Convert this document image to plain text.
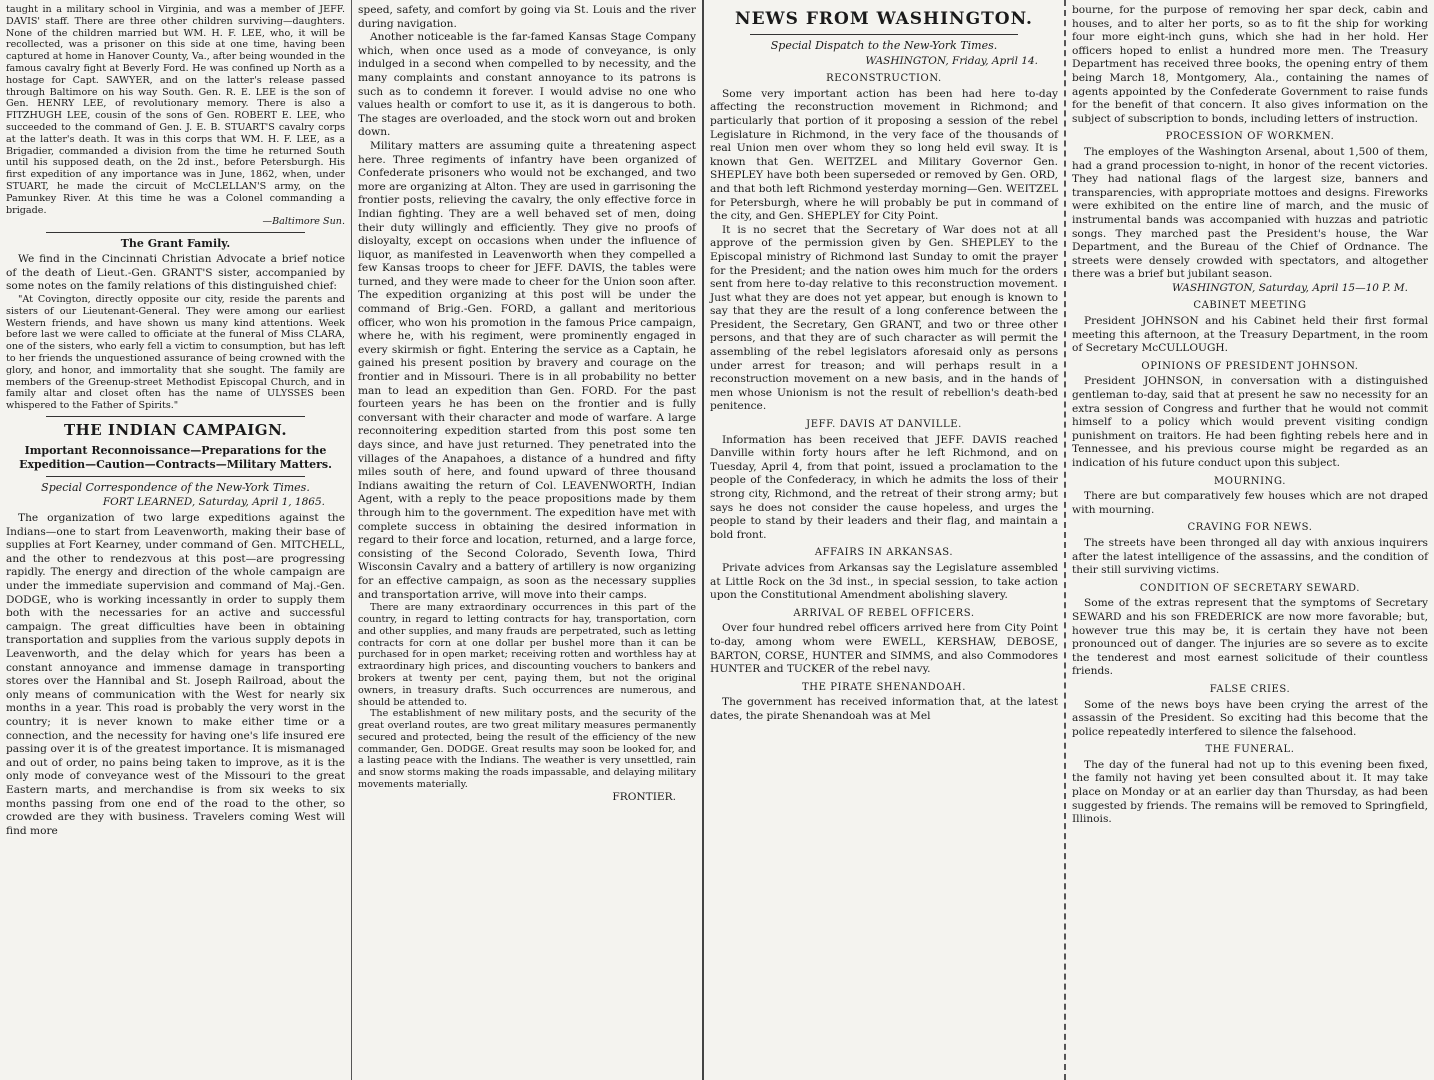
taught in a military school in Virginia, and was a member of JEFF. DAVIS' staff. There are three other children surviving—daughters. None of the children married but WM. H. F. LEE, who, it will be recollected, was a prisoner on this side at one time, having been captured at home in Hanover County, Va., after being wounded in the famous cavalry fight at Beverly Ford. He was confined up North as a hostage for Capt. SAWYER, and on the latter's release passed through Baltimore on his way South. Gen. R. E. LEE is the son of Gen. HENRY LEE, of revolutionary memory. There is also a FITZHUGH LEE, cousin of the sons of Gen. ROBERT E. LEE, who succeeded to the command of Gen. J. E. B. STUART'S cavalry corps at the latter's death. It was in this corps that WM. H. F. LEE, as a Brigadier, commanded a division from the time he returned South until his supposed death, on the 2d inst., before Petersburgh. His first expedition of any importance was in June, 1862, when, under STUART, he made the circuit of McCLELLAN'S army, on the Pamunkey River. At this time he was a Colonel commanding a brigade.

—Baltimore Sun.
The Grant Family.

We find in the Cincinnati Christian Advocate a brief notice of the death of Lieut.-Gen. GRANT'S sister, accompanied by some notes on the family relations of this distinguished chief:

"At Covington, directly opposite our city, reside the parents and sisters of our Lieutenant-General. They were among our earliest Western friends, and have shown us many kind attentions. Week before last we were called to officiate at the funeral of Miss CLARA, one of the sisters, who early fell a victim to consumption, but has left to her friends the unquestioned assurance of being crowned with the glory, and honor, and immortality that she sought. The family are members of the Greenup-street Methodist Episcopal Church, and in family altar and closet often has the name of ULYSSES been whispered to the Father of Spirits."

THE INDIAN CAMPAIGN.
Important Reconnoissance—Preparations for the Expedition—Caution—Contracts—Military Matters.
Special Correspondence of the New-York Times.
FORT LEARNED, Saturday, April 1, 1865.

The organization of two large expeditions against the Indians—one to start from Leavenworth, making their base of supplies at Fort Kearney, under command of Gen. MITCHELL, and the other to rendezvous at this post—are progressing rapidly. The energy and direction of the whole campaign are under the immediate supervision and command of Maj.-Gen. DODGE, who is working incessantly in order to supply them both with the necessaries for an active and successful campaign. The great difficulties have been in obtaining transportation and supplies from the various supply depots in Leavenworth, and the delay which for years has been a constant annoyance and immense damage in transporting stores over the Hannibal and St. Joseph Railroad, about the only means of communication with the West for nearly six months in a year. This road is probably the very worst in the country; it is never known to make either time or a connection, and the necessity for having one's life insured ere passing over it is of the greatest importance. It is mismanaged and out of order, no pains being taken to improve, as it is the only mode of conveyance west of the Missouri to the great Eastern marts, and merchandise is from six weeks to six months passing from one end of the road to the other, so crowded are they with business. Travelers coming West will find more

speed, safety, and comfort by going via St. Louis and the river during navigation.

Another noticeable is the far-famed Kansas Stage Company which, when once used as a mode of conveyance, is only indulged in a second when compelled to by necessity, and the many complaints and constant annoyance to its patrons is such as to condemn it forever. I would advise no one who values health or comfort to use it, as it is dangerous to both. The stages are overloaded, and the stock worn out and broken down.

Military matters are assuming quite a threatening aspect here. Three regiments of infantry have been organized of Confederate prisoners who would not be exchanged, and two more are organizing at Alton. They are used in garrisoning the frontier posts, relieving the cavalry, the only effective force in Indian fighting. They are a well behaved set of men, doing their duty willingly and efficiently. They give no proofs of disloyalty, except on occasions when under the influence of liquor, as manifested in Leavenworth when they compelled a few Kansas troops to cheer for JEFF. DAVIS, the tables were turned, and they were made to cheer for the Union soon after. The expedition organizing at this post will be under the command of Brig.-Gen. FORD, a gallant and meritorious officer, who won his promotion in the famous Price campaign, where he, with his regiment, were prominently engaged in every skirmish or fight. Entering the service as a Captain, he gained his present position by bravery and courage on the frontier and in Missouri. There is in all probability no better man to lead an expedition than Gen. FORD. For the past fourteen years he has been on the frontier and is fully conversant with their character and mode of warfare. A large reconnoitering expedition started from this post some ten days since, and have just returned. They penetrated into the villages of the Anapahoes, a distance of a hundred and fifty miles south of here, and found upward of three thousand Indians awaiting the return of Col. LEAVENWORTH, Indian Agent, with a reply to the peace propositions made by them through him to the government. The expedition have met with complete success in obtaining the desired information in regard to their force and location, returned, and a large force, consisting of the Second Colorado, Seventh Iowa, Third Wisconsin Cavalry and a battery of artillery is now organizing for an effective campaign, as soon as the necessary supplies and transportation arrive, will move into their camps.

There are many extraordinary occurrences in this part of the country, in regard to letting contracts for hay, transportation, corn and other supplies, and many frauds are perpetrated, such as letting contracts for corn at one dollar per bushel more than it can be purchased for in open market; receiving rotten and worthless hay at extraordinary high prices, and discounting vouchers to bankers and brokers at twenty per cent, paying them, but not the original owners, in treasury drafts. Such occurrences are numerous, and should be attended to.

The establishment of new military posts, and the security of the great overland routes, are two great military measures permanently secured and protected, being the result of the efficiency of the new commander, Gen. DODGE. Great results may soon be looked for, and a lasting peace with the Indians. The weather is very unsettled, rain and snow storms making the roads impassable, and delaying military movements materially.

FRONTIER.
NEWS FROM WASHINGTON.
Special Dispatch to the New-York Times.
WASHINGTON, Friday, April 14.
RECONSTRUCTION.

Some very important action has been had here to-day affecting the reconstruction movement in Richmond; and particularly that portion of it proposing a session of the rebel Legislature in Richmond, in the very face of the thousands of real Union men over whom they so long held evil sway. It is known that Gen. WEITZEL and Military Governor Gen. SHEPLEY have both been superseded or removed by Gen. ORD, and that both left Richmond yesterday morning—Gen. WEITZEL for Petersburgh, where he will probably be put in command of the city, and Gen. SHEPLEY for City Point.

It is no secret that the Secretary of War does not at all approve of the permission given by Gen. SHEPLEY to the Episcopal ministry of Richmond last Sunday to omit the prayer for the President; and the nation owes him much for the orders sent from here to-day relative to this reconstruction movement. Just what they are does not yet appear, but enough is known to say that they are the result of a long conference between the President, the Secretary, Gen GRANT, and two or three other persons, and that they are of such character as will permit the assembling of the rebel legislators aforesaid only as persons under arrest for treason; and will perhaps result in a reconstruction movement on a new basis, and in the hands of men whose Unionism is not the result of rebellion's death-bed penitence.

JEFF. DAVIS AT DANVILLE.

Information has been received that JEFF. DAVIS reached Danville within forty hours after he left Richmond, and on Tuesday, April 4, from that point, issued a proclamation to the people of the Confederacy, in which he admits the loss of their strong city, Richmond, and the retreat of their strong army; but says he does not consider the cause hopeless, and urges the people to stand by their leaders and their flag, and maintain a bold front.

AFFAIRS IN ARKANSAS.

Private advices from Arkansas say the Legislature assembled at Little Rock on the 3d inst., in special session, to take action upon the Constitutional Amendment abolishing slavery.

ARRIVAL OF REBEL OFFICERS.

Over four hundred rebel officers arrived here from City Point to-day, among whom were EWELL, KERSHAW, DEBOSE, BARTON, CORSE, HUNTER and SIMMS, and also Commodores HUNTER and TUCKER of the rebel navy.

THE PIRATE SHENANDOAH.

The government has received information that, at the latest dates, the pirate Shenandoah was at Mel

bourne, for the purpose of removing her spar deck, cabin and houses, and to alter her ports, so as to fit the ship for working four more eight-inch guns, which she had in her hold. Her officers hoped to enlist a hundred more men. The Treasury Department has received three books, the opening entry of them being March 18, Montgomery, Ala., containing the names of agents appointed by the Confederate Government to raise funds for the benefit of that concern. It also gives information on the subject of subscription to bonds, including letters of instruction.

PROCESSION OF WORKMEN.

The employes of the Washington Arsenal, about 1,500 of them, had a grand procession to-night, in honor of the recent victories. They had national flags of the largest size, banners and transparencies, with appropriate mottoes and designs. Fireworks were exhibited on the entire line of march, and the music of instrumental bands was accompanied with huzzas and patriotic songs. They marched past the President's house, the War Department, and the Bureau of the Chief of Ordnance. The streets were densely crowded with spectators, and altogether there was a brief but jubilant season.

WASHINGTON, Saturday, April 15—10 P. M.
CABINET MEETING

President JOHNSON and his Cabinet held their first formal meeting this afternoon, at the Treasury Department, in the room of Secretary McCULLOUGH.

OPINIONS OF PRESIDENT JOHNSON.

President JOHNSON, in conversation with a distinguished gentleman to-day, said that at present he saw no necessity for an extra session of Congress and further that he would not commit himself to a policy which would prevent visiting condign punishment on traitors. He had been fighting rebels here and in Tennessee, and his previous course might be regarded as an indication of his future conduct upon this subject.

MOURNING.

There are but comparatively few houses which are not draped with mourning.

CRAVING FOR NEWS.

The streets have been thronged all day with anxious inquirers after the latest intelligence of the assassins, and the condition of their still surviving victims.

CONDITION OF SECRETARY SEWARD.

Some of the extras represent that the symptoms of Secretary SEWARD and his son FREDERICK are now more favorable; but, however true this may be, it is certain they have not been pronounced out of danger. The injuries are so severe as to excite the tenderest and most earnest solicitude of their countless friends.

FALSE CRIES.

Some of the news boys have been crying the arrest of the assassin of the President. So exciting had this become that the police repeatedly interfered to silence the falsehood.

THE FUNERAL.

The day of the funeral had not up to this evening been fixed, the family not having yet been consulted about it. It may take place on Monday or at an earlier day than Thursday, as had been suggested by friends. The remains will be removed to Springfield, Illinois.
